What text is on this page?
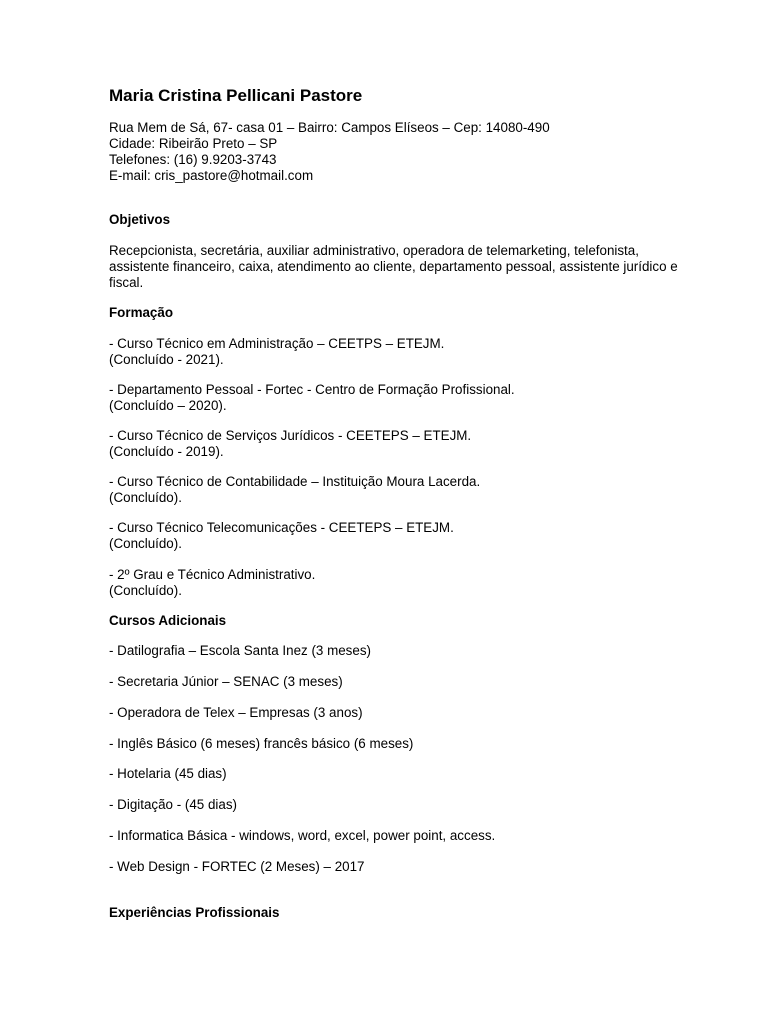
Maria Cristina Pellicani Pastore
Rua Mem de Sá, 67- casa 01 – Bairro: Campos Elíseos – Cep: 14080-490
Cidade: Ribeirão Preto – SP
Telefones: (16) 9.9203-3743
E-mail: cris_pastore@hotmail.com
Objetivos
Recepcionista, secretária, auxiliar administrativo, operadora de telemarketing, telefonista, assistente financeiro, caixa, atendimento ao cliente, departamento pessoal, assistente jurídico e fiscal.
Formação
- Curso Técnico em Administração – CEETPS – ETEJM.
(Concluído - 2021).
- Departamento Pessoal - Fortec - Centro de Formação Profissional.
(Concluído – 2020).
- Curso Técnico de Serviços Jurídicos - CEETEPS – ETEJM.
(Concluído - 2019).
- Curso Técnico de Contabilidade – Instituição Moura Lacerda.
(Concluído).
- Curso Técnico Telecomunicações - CEETEPS – ETEJM.
(Concluído).
- 2º Grau e Técnico Administrativo.
(Concluído).
Cursos Adicionais
- Datilografia – Escola Santa Inez (3 meses)
- Secretaria Júnior – SENAC (3 meses)
- Operadora de Telex – Empresas (3 anos)
- Inglês Básico (6 meses) francês básico (6 meses)
- Hotelaria (45 dias)
- Digitação - (45 dias)
- Informatica Básica - windows, word, excel, power point, access.
- Web Design - FORTEC (2 Meses) – 2017
Experiências Profissionais
